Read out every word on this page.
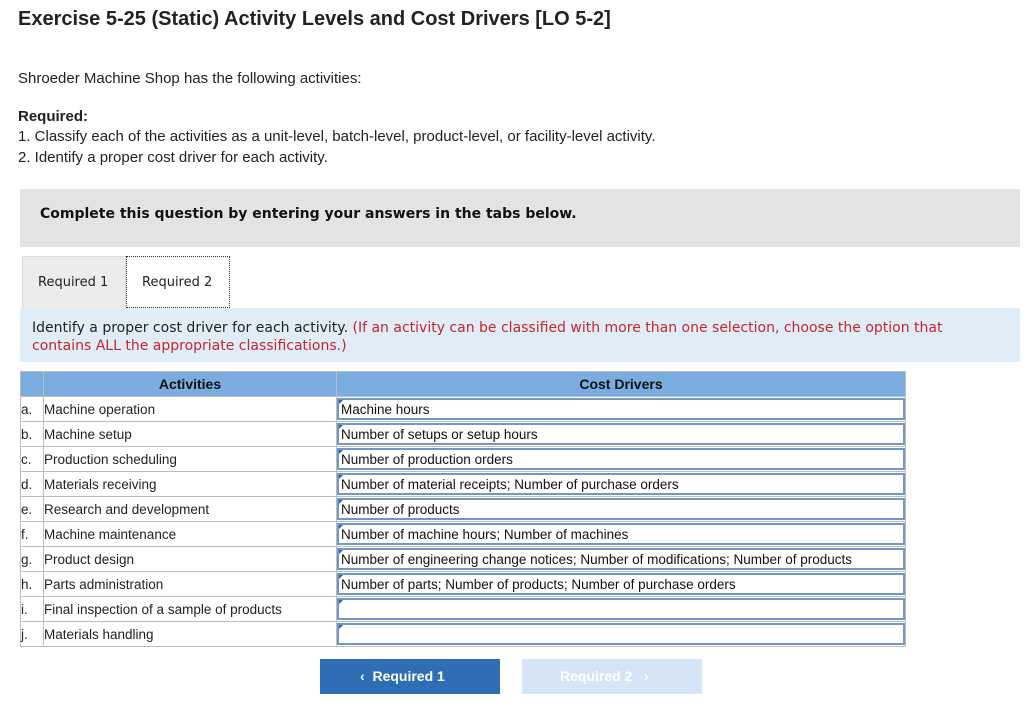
Exercise 5-25 (Static) Activity Levels and Cost Drivers [LO 5-2]
Shroeder Machine Shop has the following activities:
Required:
1. Classify each of the activities as a unit-level, batch-level, product-level, or facility-level activity.
2. Identify a proper cost driver for each activity.
Complete this question by entering your answers in the tabs below.
Required 1	Required 2
Identify a proper cost driver for each activity. (If an activity can be classified with more than one selection, choose the option that contains ALL the appropriate classifications.)
	Activities	Cost Drivers
a.	Machine operation	Machine hours

b.	Machine setup	Number of setups or setup hours

c.	Production scheduling	Number of production orders

d.	Materials receiving	Number of material receipts; Number of purchase orders

e.	Research and development	Number of products

f.	Machine maintenance	Number of machine hours; Number of machines

g.	Product design	Number of engineering change notices; Number of modifications; Number of products

h.	Parts administration	Number of parts; Number of products; Number of purchase orders

i.	Final inspection of a sample of products	

j.	Materials handling	
‹ Required 1	Required 2 ›
